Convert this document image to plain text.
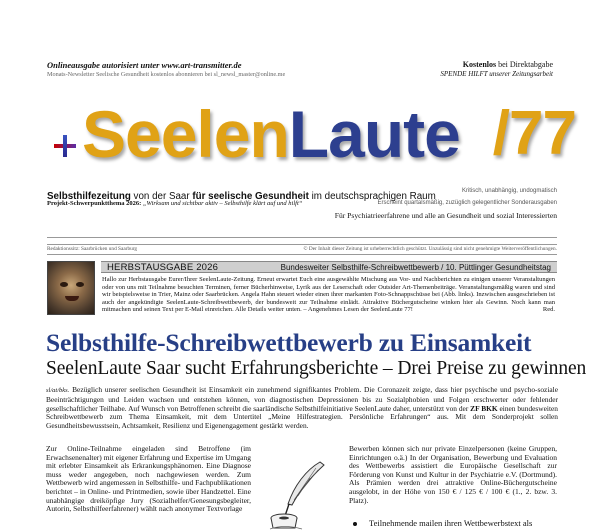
Onlineausgabe autorisiert unter www.art-transmitter.de
Monats-Newsletter Seelische Gesundheit kostenlos abonnieren bei sl_newsl_master@online.me
Kostenlos bei Direktabgabe
SPENDE HILFT unserer Zeitungsarbeit
SeelenLaute /77
Selbsthilfezeitung von der Saar für seelische Gesundheit im deutschsprachigen Raum	Kritisch, unabhängig, undogmatisch
Projekt-Schwerpunktthema 2026: „Wirksam und sichtbar aktiv – Selbsthilfe klärt auf und hilft“	Erscheint quartalsmäßig, zuzüglich gelegentlicher Sonderausgaben
Für Psychiatrieerfahrene und alle an Gesundheit und sozial Interessierten
Redaktionssitz: Saarbrücken und Saarburg	© Der Inhalt dieser Zeitung ist urheberrechtlich geschützt. Unzulässig sind nicht genehmigte Weiterveröffentlichungen.
HERBSTAUSGABE 2026	Bundesweiter Selbsthilfe-Schreibwettbewerb / 10. Püttlinger Gesundheitstag
Hallo zur Herbstausgabe Eurer/Ihrer SeelenLaute-Zeitung. Erneut erwartet Euch eine ausgewählte Mischung aus Vor- und Nachberichten zu einigen unserer Veranstaltungen oder von uns mit Teilnahme besuchten Terminen, ferner Bücherhinweise, Lyrik aus der Leserschaft oder Outsider Art-Themenbeiträge. Veranstaltungsmäßig waren und sind wir beispielsweise in Trier, Mainz oder Saarbrücken. Angela Hahn steuert wieder einen ihrer markanten Foto-Schnappschüsse bei (Abb. links). Inzwischen ausgeschrieben ist auch der angekündigte SeelenLaute-Schreibwettbewerb, der bundesweit zur Teilnahme einlädt. Attraktive Büchergutscheine winken hier als Gewinn. Noch kann man mitmachen und seinen Text per E-Mail einreichen. Alle Details weiter unten. – Angenehmes Lesen der SeelenLaute 77!	Red.
Selbsthilfe-Schreibwettbewerb zu Einsamkeit
SeelenLaute Saar sucht Erfahrungsberichte – Drei Preise zu gewinnen
sl/at/bks. Bezüglich unserer seelischen Gesundheit ist Einsamkeit ein zunehmend signifikantes Problem. Die Coronazeit zeigte, dass hier psychische und psycho-soziale Beeinträchtigungen und Leiden wachsen und entstehen können, von diagnostischen Depressionen bis zu Sozialphobien und Folgen erschwerter oder fehlender gesellschaftlicher Teilhabe. Auf Wunsch von Betroffenen schreibt die saarländische Selbsthilfeinitiative SeelenLaute daher, unterstützt von der ZF BKK einen bundesweiten Schreibwettbewerb zum Thema Einsamkeit, mit dem Untertitel „Meine Hilfestrategien. Persönliche Erfahrungen“ aus. Mit dem Sonderprojekt sollen Gesundheitsbewusstsein, Achtsamkeit, Resilienz und Eigenengagement gestärkt werden.
Zur Online-Teilnahme eingeladen sind Betroffene (im Erwachsenenalter) mit eigener Erfahrung und Expertise im Umgang mit erlebter Einsamkeit als Erkrankungsphänomen. Eine Diagnose muss weder angegeben, noch nachgewiesen werden. Zum Wettbewerb wird angemessen in Selbsthilfe- und Fachpublikationen berichtet – in Online- und Printmedien, sowie über Handzettel. Eine unabhängige dreiköpfige Jury (Sozialhelfer/Genesungsbegleiter, Autorin, Selbsthilfeerfahrener) wählt nach anonymer Textvorlage
Bewerben können sich nur private Einzelpersonen (keine Gruppen, Einrichtungen o.ä.) In der Organisation, Bewerbung und Evaluation des Wettbewerbs assistiert die Europäische Gesellschaft zur Förderung von Kunst und Kultur in der Psychiatrie e.V. (Dortmund). Als Prämien werden drei attraktive Online-Büchergutscheine ausgelobt, in der Höhe von 150 € / 125 € / 100 € (1., 2. bzw. 3. Platz).
Teilnehmende mailen ihren Wettbewerbstext als
